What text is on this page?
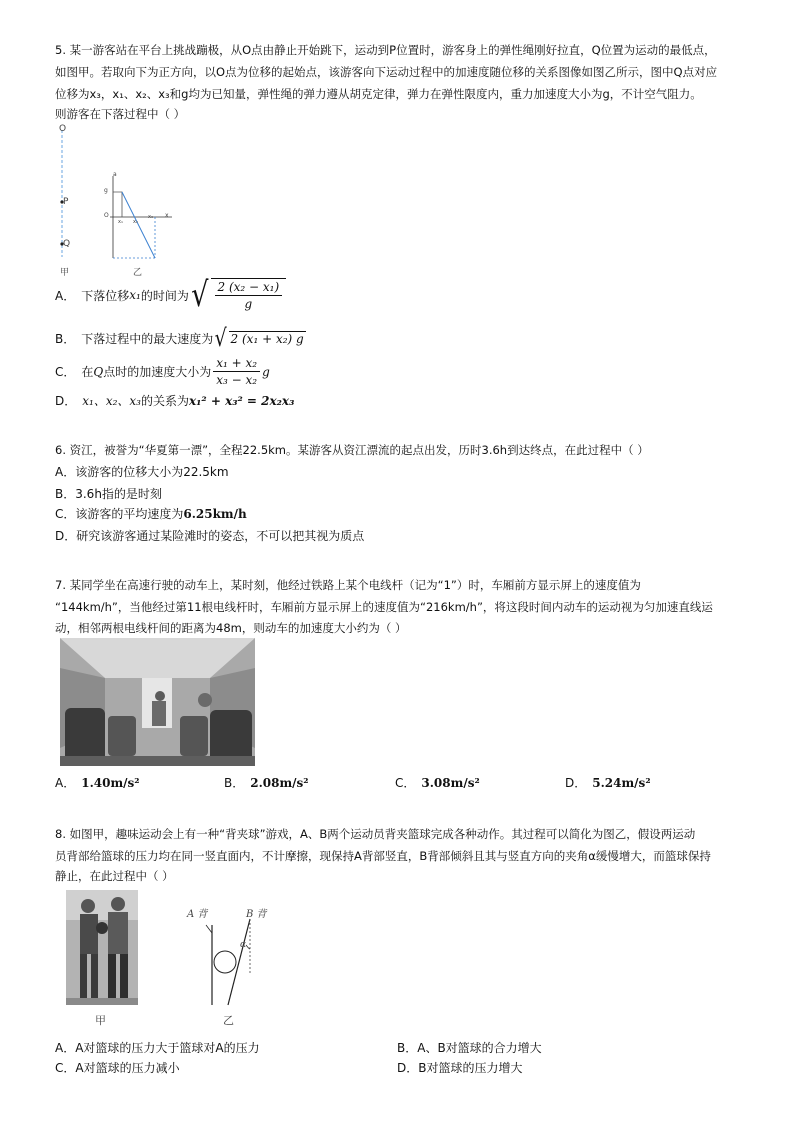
5. 某一游客站在平台上挑战蹦极，从O点由静止开始跳下，运动到P位置时，游客身上的弹性绳刚好拉直，Q位置为运动的最低点，
如图甲。若取向下为正方向，以O点为位移的起始点，该游客向下运动过程中的加速度随位移的关系图像如图乙所示，图中Q点对应
位移为x₃，x₁、x₂、x₃和g均为已知量，弹性绳的弹力遵从胡克定律，弹力在弹性限度内，重力加速度大小为g，不计空气阻力。
则游客在下落过程中（ ）
O
P
Q
甲
a
g
O
x₁ x₂
x₃ x
乙
A． 下落位移 x₁ 的时间为 √ $\frac{\text{2 (x₂ − x₁)}}{g}$
B． 下落过程中的最大速度为 √ 2 (x₁ + x₂) g
C． 在 Q 点时的加速度大小为 $\frac{\text{x₁ + x₂}}{\text{x₃ − x₂}}$ g
D． x₁、x₂、x₃ 的关系为 x₁² + x₃² = 2x₂x₃
6. 资江，被誉为“华夏第一漂”，全程22.5km。某游客从资江漂流的起点出发，历时3.6h到达终点，在此过程中（ ）
A．该游客的位移大小为22.5km
B．3.6h指的是时刻
C．该游客的平均速度为 6.25km/h
D．研究该游客通过某险滩时的姿态，不可以把其视为质点
7. 某同学坐在高速行驶的动车上，某时刻，他经过铁路上某个电线杆（记为“1”）时，车厢前方显示屏上的速度值为
“144km/h”，当他经过第11根电线杆时，车厢前方显示屏上的速度值为“216km/h”，将这段时间内动车的运动视为匀加速直线运
动，相邻两根电线杆间的距离为48m，则动车的加速度大小约为（ ）
A． 1.40m/s²	B． 2.08m/s²	C． 3.08m/s²	D． 5.24m/s²
8. 如图甲，趣味运动会上有一种“背夹球”游戏，A、B两个运动员背夹篮球完成各种动作。其过程可以简化为图乙，假设两运动
员背部给篮球的压力均在同一竖直面内，不计摩擦，现保持A背部竖直，B背部倾斜且其与竖直方向的夹角α缓慢增大，而篮球保持
静止，在此过程中（ ）
甲
A 背	B 背
α
乙
A．A对篮球的压力大于篮球对A的压力	B．A、B对篮球的合力增大
C．A对篮球的压力减小	D．B对篮球的压力增大
